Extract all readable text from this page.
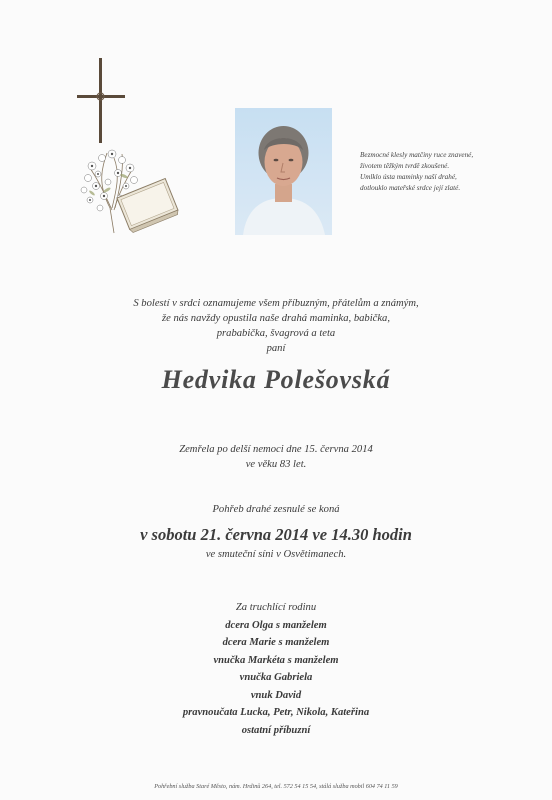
Bezmocné klesly matčiny ruce znavené,
životem těžkým tvrdě zkoušené.
Umlklo ústa maminky naší drahé,
dotlouklo mateřské srdce její zlaté.
S bolestí v srdci oznamujeme všem příbuzným, přátelům a známým,
že nás navždy opustila naše drahá maminka, babička,
prababička, švagrová a teta
paní
Hedvika Polešovská
Zemřela po delší nemoci dne 15. června 2014
ve věku 83 let.
Pohřeb drahé zesnulé se koná
v sobotu 21. června 2014 ve 14.30 hodin
ve smuteční síni v Osvětimanech.
Za truchlící rodinu
dcera Olga s manželem
dcera Marie s manželem
vnučka Markéta s manželem
vnučka Gabriela
vnuk David
pravnoučata Lucka, Petr, Nikola, Kateřina
ostatní příbuzní
Pohřební služba Staré Město, nám. Hrdinů 264, tel. 572 54 15 54, stálá služba mobil 604 74 11 59
